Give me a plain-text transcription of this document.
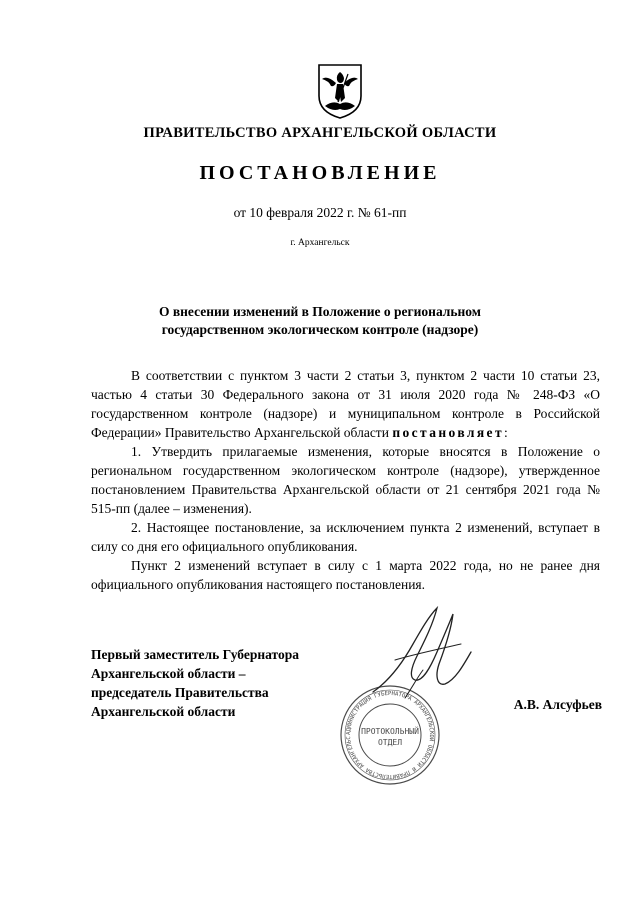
ПРАВИТЕЛЬСТВО АРХАНГЕЛЬСКОЙ ОБЛАСТИ
ПОСТАНОВЛЕНИЕ
от 10 февраля 2022 г. № 61-пп
г. Архангельск
О внесении изменений в Положение о региональном
государственном экологическом контроле (надзоре)

В соответствии с пунктом 3 части 2 статьи 3, пунктом 2 части 10 статьи 23, частью 4 статьи 30 Федерального закона от 31 июля 2020 года № 248-ФЗ «О государственном контроле (надзоре) и муниципальном контроле в Российской Федерации» Правительство Архангельской области постановляет:

1. Утвердить прилагаемые изменения, которые вносятся в Положение о региональном государственном экологическом контроле (надзоре), утвержденное постановлением Правительства Архангельской области от 21 сентября 2021 года № 515-пп (далее – изменения).

2. Настоящее постановление, за исключением пункта 2 изменений, вступает в силу со дня его официального опубликования.

Пункт 2 изменений вступает в силу с 1 марта 2022 года, но не ранее дня официального опубликования настоящего постановления.

Первый заместитель Губернатора
Архангельской области –
председатель Правительства
Архангельской области	А.В. Алсуфьев
АДМИНИСТРАЦИЯ ГУБЕРНАТОРА АРХАНГЕЛЬСКОЙ ОБЛАСТИ И ПРАВИТЕЛЬСТВА АРХАНГЕЛЬС
ПРОТОКОЛЬНЫЙ
ОТДЕЛ
